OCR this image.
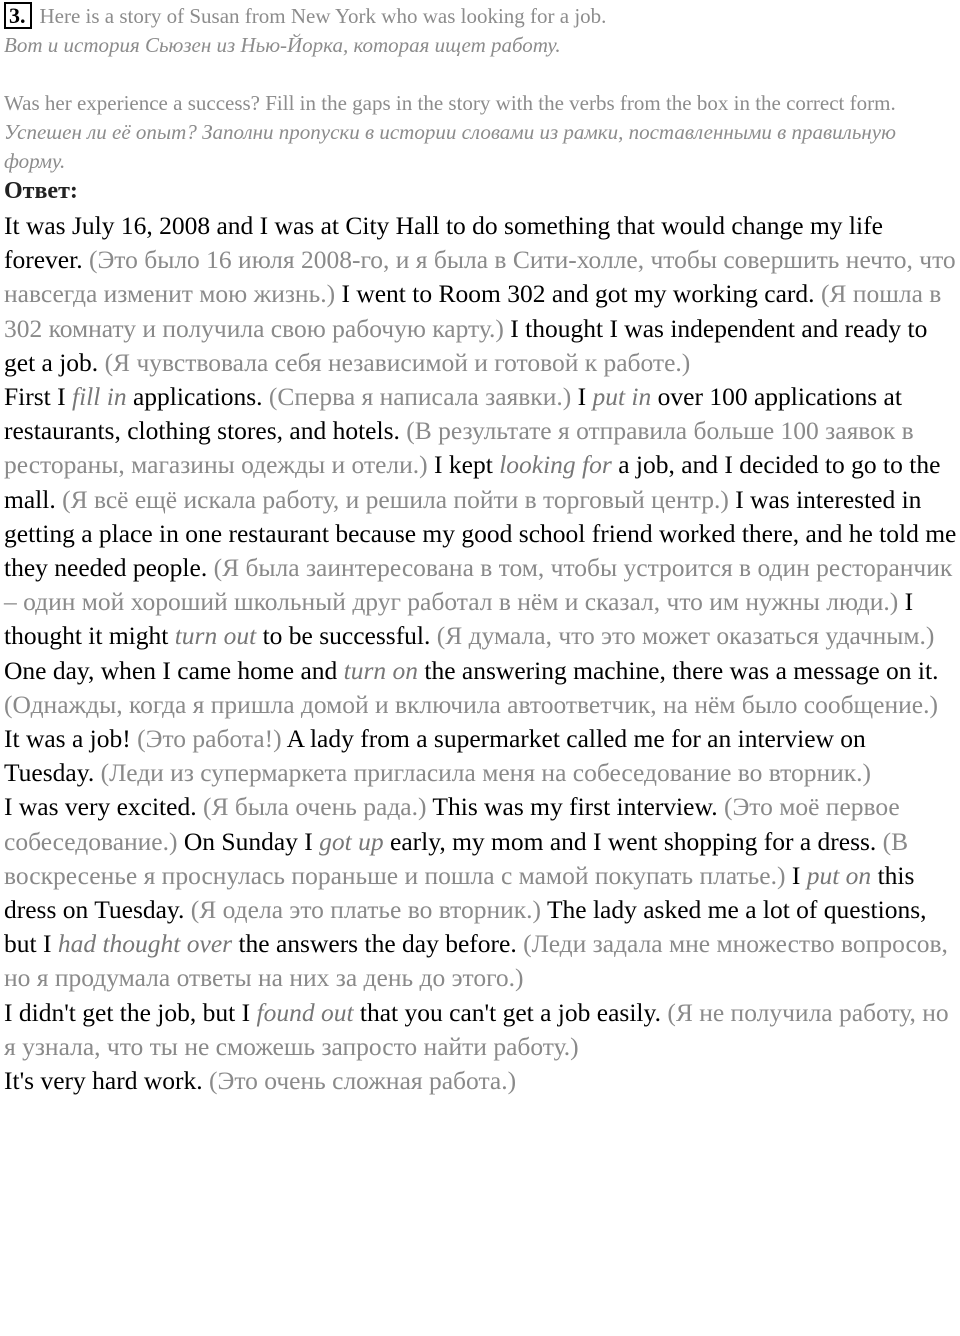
3. Here is a story of Susan from New York who was looking for a job.

Вот и история Сьюзен из Нью-Йорка, которая ищет работу.

Was her experience a success? Fill in the gaps in the story with the verbs from the box in the correct form.

Успешен ли её опыт? Заполни пропуски в истории словами из рамки, поставленными в правильную форму.

Ответ:

It was July 16, 2008 and I was at City Hall to do something that would change my life forever. (Это было 16 июля 2008-го, и я была в Сити-холле, чтобы совершить нечто, что навсегда изменит мою жизнь.) I went to Room 302 and got my working card. (Я пошла в 302 комнату и получила свою рабочую карту.) I thought I was independent and ready to get a job. (Я чувствовала себя независимой и готовой к работе.)

First I fill in applications. (Сперва я написала заявки.) I put in over 100 applications at restaurants, clothing stores, and hotels. (В результате я отправила больше 100 заявок в рестораны, магазины одежды и отели.) I kept looking for a job, and I decided to go to the mall. (Я всё ещё искала работу, и решила пойти в торговый центр.) I was interested in getting a place in one restaurant because my good school friend worked there, and he told me they needed people. (Я была заинтересована в том, чтобы устроится в один ресторанчик – один мой хороший школьный друг работал в нём и сказал, что им нужны люди.) I thought it might turn out to be successful. (Я думала, что это может оказаться удачным.)

One day, when I came home and turn on the answering machine, there was a message on it. (Однажды, когда я пришла домой и включила автоответчик, на нём было сообщение.) It was a job! (Это работа!) A lady from a supermarket called me for an interview on Tuesday. (Леди из супермаркета пригласила меня на собеседование во вторник.)

I was very excited. (Я была очень рада.) This was my first interview. (Это моё первое собеседование.) On Sunday I got up early, my mom and I went shopping for a dress. (В воскресенье я проснулась пораньше и пошла с мамой покупать платье.) I put on this dress on Tuesday. (Я одела это платье во вторник.) The lady asked me a lot of questions, but I had thought over the answers the day before. (Леди задала мне множество вопросов, но я продумала ответы на них за день до этого.)

I didn't get the job, but I found out that you can't get a job easily. (Я не получила работу, но я узнала, что ты не сможешь запросто найти работу.)

It's very hard work. (Это очень сложная работа.)
